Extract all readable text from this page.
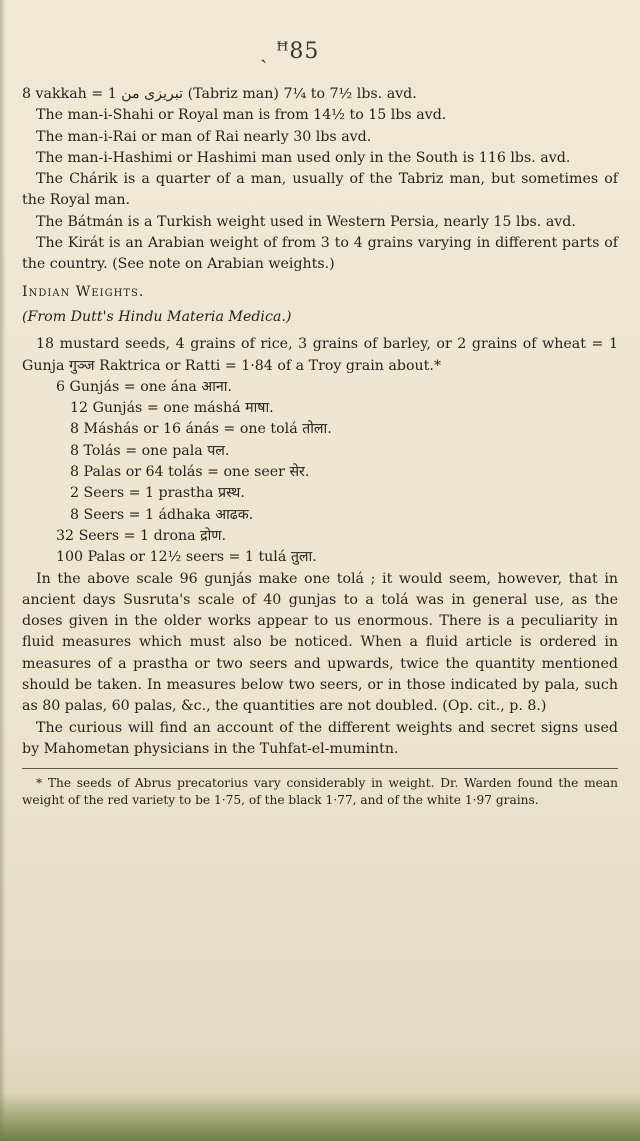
ˎ ꟸ85

8 vakkah = 1 تبریزی من (Tabriz man) 7¼ to 7½ lbs. avd.

The man-i-Shahi or Royal man is from 14½ to 15 lbs avd.

The man-i-Rai or man of Rai nearly 30 lbs avd.

The man-i-Hashimi or Hashimi man used only in the South is 116 lbs. avd.

The Chárik is a quarter of a man, usually of the Tabriz man, but sometimes of the Royal man.

The Bátmán is a Turkish weight used in Western Persia, nearly 15 lbs. avd.

The Kirát is an Arabian weight of from 3 to 4 grains varying in different parts of the country. (See note on Arabian weights.)

Indian Weights.

(From Dutt's Hindu Materia Medica.)

18 mustard seeds, 4 grains of rice, 3 grains of barley, or 2 grains of wheat = 1 Gunja गुञ्ज Raktrica or Ratti = 1·84 of a Troy grain about.*

6 Gunjás = one ána आना.
12 Gunjás = one máshá माषा.
8 Máshás or 16 ánás = one tolá तोला.
8 Tolás = one pala पल.
8 Palas or 64 tolás = one seer सेर.
2 Seers = 1 prastha प्रस्थ.
8 Seers = 1 ádhaka आढक.
32 Seers = 1 drona द्रोण.
100 Palas or 12½ seers = 1 tulá तुला.

In the above scale 96 gunjás make one tolá ; it would seem, however, that in ancient days Susruta's scale of 40 gunjas to a tolá was in general use, as the doses given in the older works appear to us enormous. There is a peculiarity in fluid measures which must also be noticed. When a fluid article is ordered in measures of a prastha or two seers and upwards, twice the quantity mentioned should be taken. In measures below two seers, or in those indicated by pala, such as 80 palas, 60 palas, &c., the quantities are not doubled. (Op. cit., p. 8.)

The curious will find an account of the different weights and secret signs used by Mahometan physicians in the Tuhfat-el-mumintn.

* The seeds of Abrus precatorius vary considerably in weight. Dr. Warden found the mean weight of the red variety to be 1·75, of the black 1·77, and of the white 1·97 grains.
